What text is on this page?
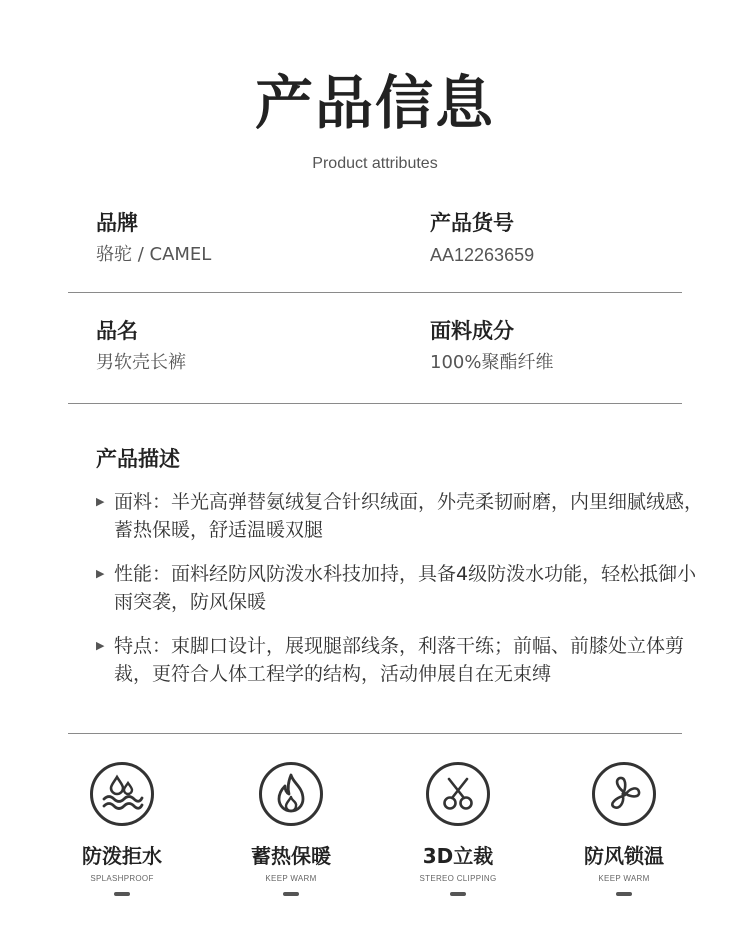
产品信息
Product attributes
品牌
骆驼 / CAMEL
产品货号
AA12263659
品名
男软壳长裤
面料成分
100%聚酯纤维
产品描述
▶ 面料：半光高弹替氨绒复合针织绒面，外壳柔韧耐磨，内里细腻绒感，蓄热保暖，舒适温暖双腿
▶ 性能：面料经防风防泼水科技加持，具备4级防泼水功能，轻松抵御小雨突袭，防风保暖
▶ 特点：束脚口设计，展现腿部线条，利落干练；前幅、前膝处立体剪裁，更符合人体工程学的结构，活动伸展自在无束缚
防泼拒水
SPLASHPROOF
蓄热保暖
KEEP WARM
3D立裁
STEREO CLIPPING
防风锁温
KEEP WARM
